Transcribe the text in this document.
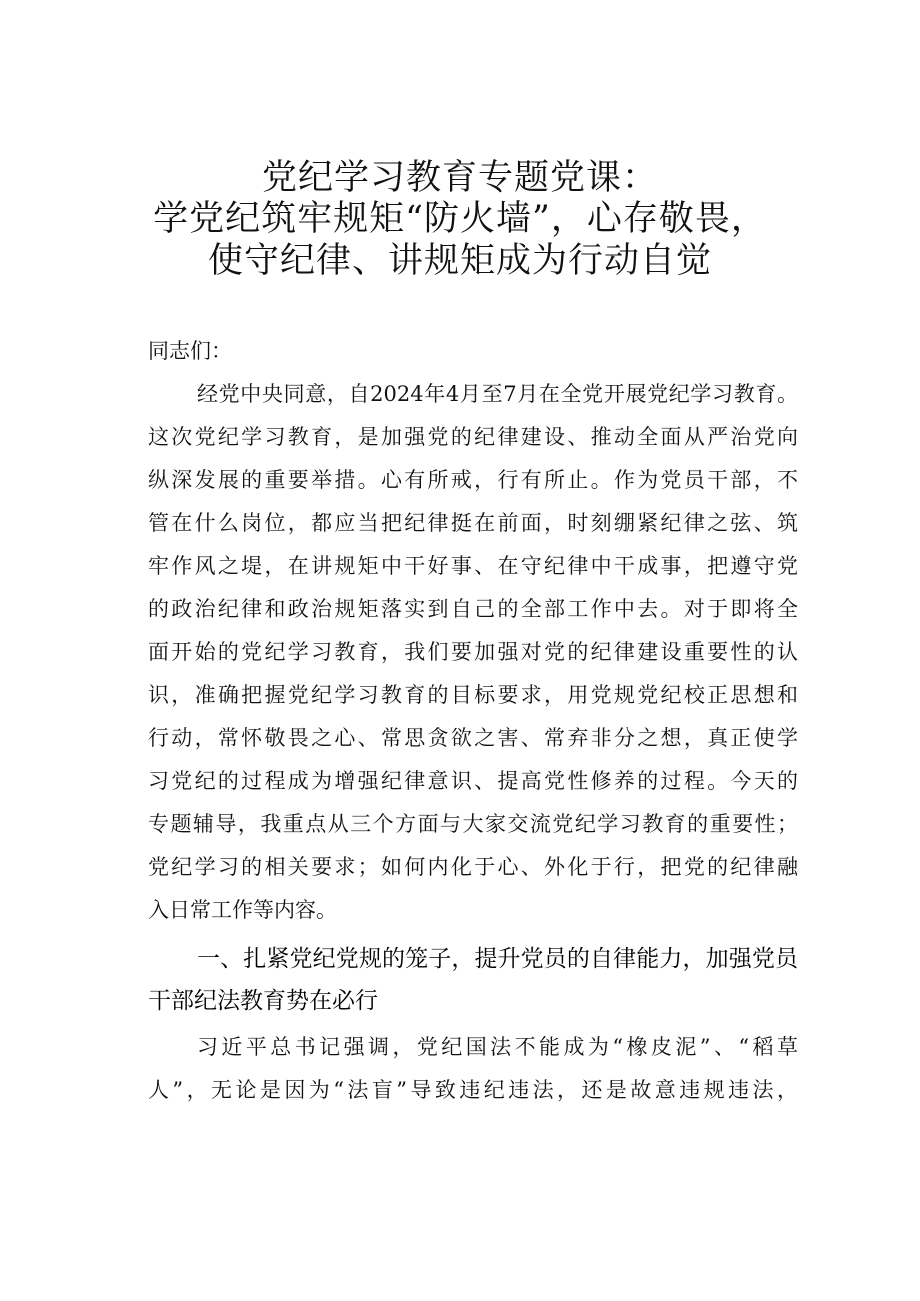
党纪学习教育专题党课：
学党纪筑牢规矩“防火墙”，心存敬畏，
使守纪律、讲规矩成为行动自觉
同志们：
经党中央同意，自2024年4月至7月在全党开展党纪学习教育。
这次党纪学习教育，是加强党的纪律建设、推动全面从严治党向
纵深发展的重要举措。心有所戒，行有所止。作为党员干部，不
管在什么岗位，都应当把纪律挺在前面，时刻绷紧纪律之弦、筑
牢作风之堤，在讲规矩中干好事、在守纪律中干成事，把遵守党
的政治纪律和政治规矩落实到自己的全部工作中去。对于即将全
面开始的党纪学习教育，我们要加强对党的纪律建设重要性的认
识，准确把握党纪学习教育的目标要求，用党规党纪校正思想和
行动，常怀敬畏之心、常思贪欲之害、常弃非分之想，真正使学
习党纪的过程成为增强纪律意识、提高党性修养的过程。今天的
专题辅导，我重点从三个方面与大家交流党纪学习教育的重要性；
党纪学习的相关要求；如何内化于心、外化于行，把党的纪律融
入日常工作等内容。
一、扎紧党纪党规的笼子，提升党员的自律能力，加强党员
干部纪法教育势在必行
习近平总书记强调，党纪国法不能成为“橡皮泥”、“稻草
人”，无论是因为“法盲”导致违纪违法，还是故意违规违法，
